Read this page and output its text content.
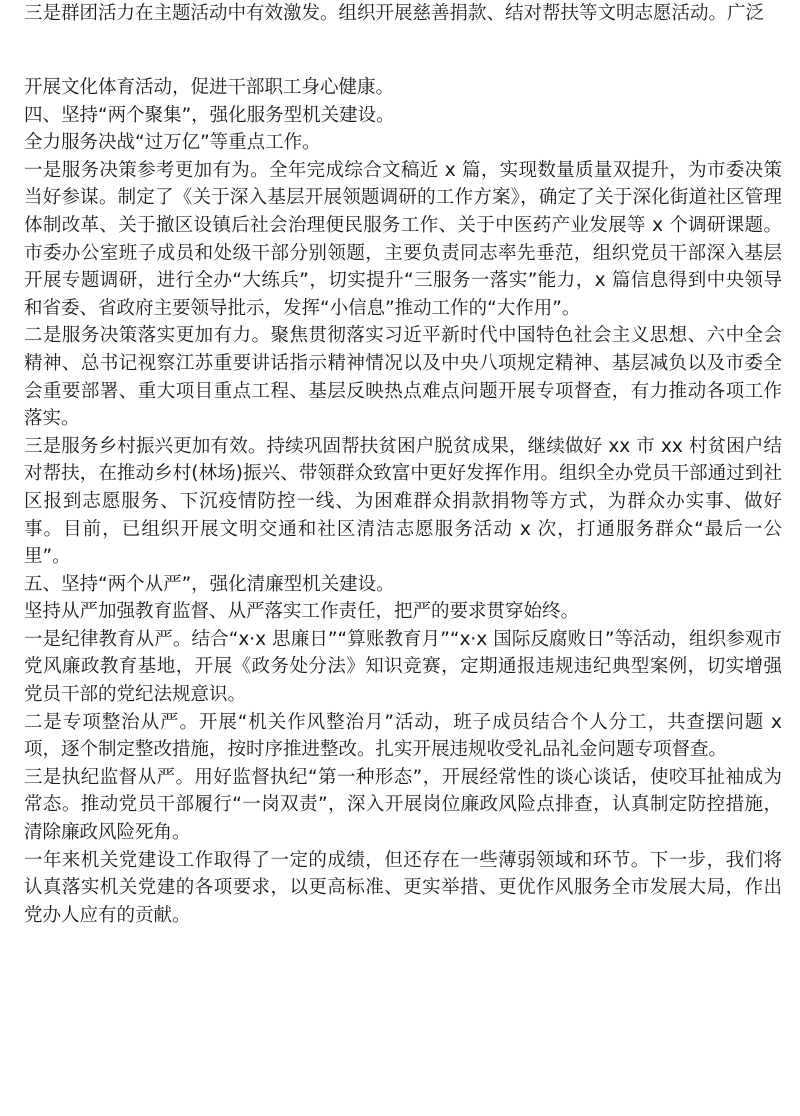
三是群团活力在主题活动中有效激发。组织开展慈善捐款、结对帮扶等文明志愿活动。广泛

开展文化体育活动，促进干部职工身心健康。

四、坚持“两个聚集”，强化服务型机关建设。

全力服务决战“过万亿”等重点工作。

一是服务决策参考更加有为。全年完成综合文稿近 x 篇，实现数量质量双提升，为市委决策当好参谋。制定了《关于深入基层开展领题调研的工作方案》，确定了关于深化街道社区管理体制改革、关于撤区设镇后社会治理便民服务工作、关于中医药产业发展等 x 个调研课题。市委办公室班子成员和处级干部分别领题，主要负责同志率先垂范，组织党员干部深入基层开展专题调研，进行全办“大练兵”，切实提升“三服务一落实”能力，x 篇信息得到中央领导和省委、省政府主要领导批示，发挥“小信息”推动工作的“大作用”。

二是服务决策落实更加有力。聚焦贯彻落实习近平新时代中国特色社会主义思想、六中全会精神、总书记视察江苏重要讲话指示精神情况以及中央八项规定精神、基层减负以及市委全会重要部署、重大项目重点工程、基层反映热点难点问题开展专项督查，有力推动各项工作落实。

三是服务乡村振兴更加有效。持续巩固帮扶贫困户脱贫成果，继续做好 xx 市 xx 村贫困户结对帮扶，在推动乡村(林场)振兴、带领群众致富中更好发挥作用。组织全办党员干部通过到社区报到志愿服务、下沉疫情防控一线、为困难群众捐款捐物等方式，为群众办实事、做好事。目前，已组织开展文明交通和社区清洁志愿服务活动 x 次，打通服务群众“最后一公里”。

五、坚持“两个从严”，强化清廉型机关建设。

坚持从严加强教育监督、从严落实工作责任，把严的要求贯穿始终。

一是纪律教育从严。结合“x·x 思廉日”“算账教育月”“x·x 国际反腐败日”等活动，组织参观市党风廉政教育基地，开展《政务处分法》知识竞赛，定期通报违规违纪典型案例，切实增强党员干部的党纪法规意识。

二是专项整治从严。开展“机关作风整治月”活动，班子成员结合个人分工，共查摆问题 x 项，逐个制定整改措施，按时序推进整改。扎实开展违规收受礼品礼金问题专项督查。

三是执纪监督从严。用好监督执纪“第一种形态”，开展经常性的谈心谈话，使咬耳扯袖成为常态。推动党员干部履行“一岗双责”，深入开展岗位廉政风险点排查，认真制定防控措施，清除廉政风险死角。

一年来机关党建设工作取得了一定的成绩，但还存在一些薄弱领域和环节。下一步，我们将认真落实机关党建的各项要求，以更高标准、更实举措、更优作风服务全市发展大局，作出党办人应有的贡献。
